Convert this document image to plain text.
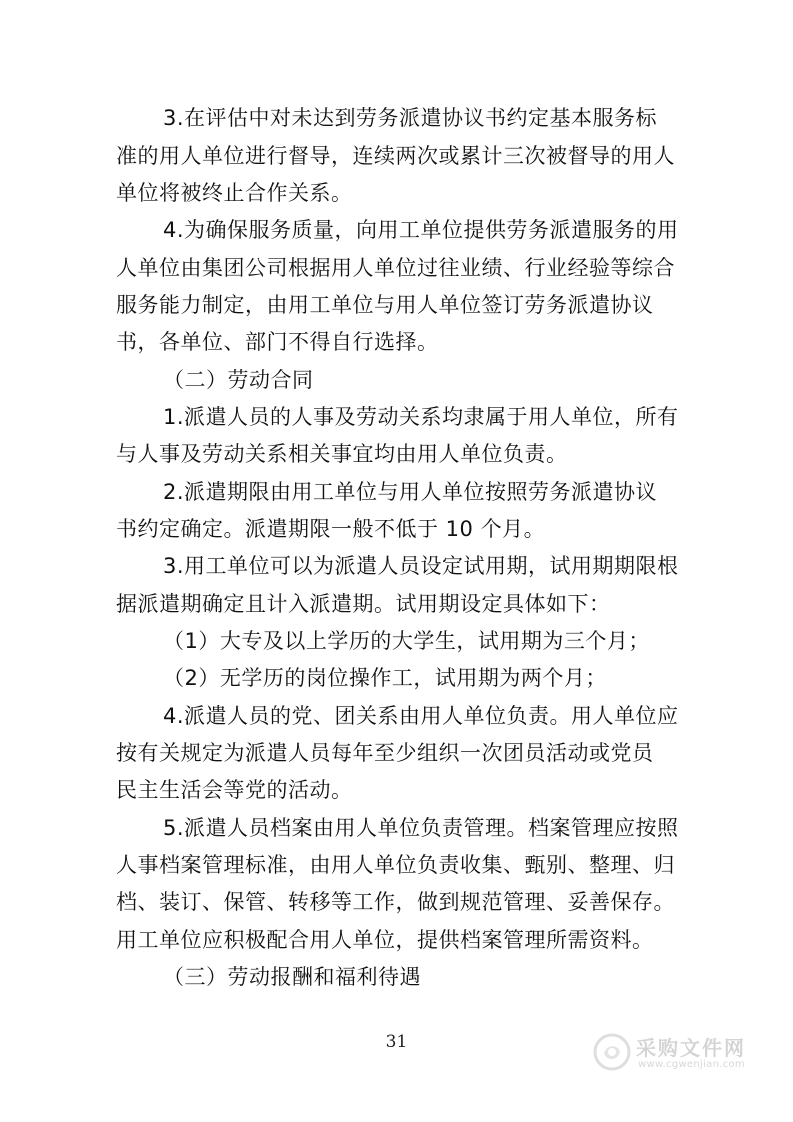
3.在评估中对未达到劳务派遣协议书约定基本服务标
准的用人单位进行督导，连续两次或累计三次被督导的用人
单位将被终止合作关系。
4.为确保服务质量，向用工单位提供劳务派遣服务的用
人单位由集团公司根据用人单位过往业绩、行业经验等综合
服务能力制定，由用工单位与用人单位签订劳务派遣协议
书，各单位、部门不得自行选择。
（二）劳动合同
1.派遣人员的人事及劳动关系均隶属于用人单位，所有
与人事及劳动关系相关事宜均由用人单位负责。
2.派遣期限由用工单位与用人单位按照劳务派遣协议
书约定确定。派遣期限一般不低于 10 个月。
3.用工单位可以为派遣人员设定试用期，试用期期限根
据派遣期确定且计入派遣期。试用期设定具体如下：
（1）大专及以上学历的大学生，试用期为三个月；
（2）无学历的岗位操作工，试用期为两个月；
4.派遣人员的党、团关系由用人单位负责。用人单位应
按有关规定为派遣人员每年至少组织一次团员活动或党员
民主生活会等党的活动。
5.派遣人员档案由用人单位负责管理。档案管理应按照
人事档案管理标准，由用人单位负责收集、甄别、整理、归
档、装订、保管、转移等工作，做到规范管理、妥善保存。
用工单位应积极配合用人单位，提供档案管理所需资料。
（三）劳动报酬和福利待遇
31	采购文件网
www.cgwenjian.com
